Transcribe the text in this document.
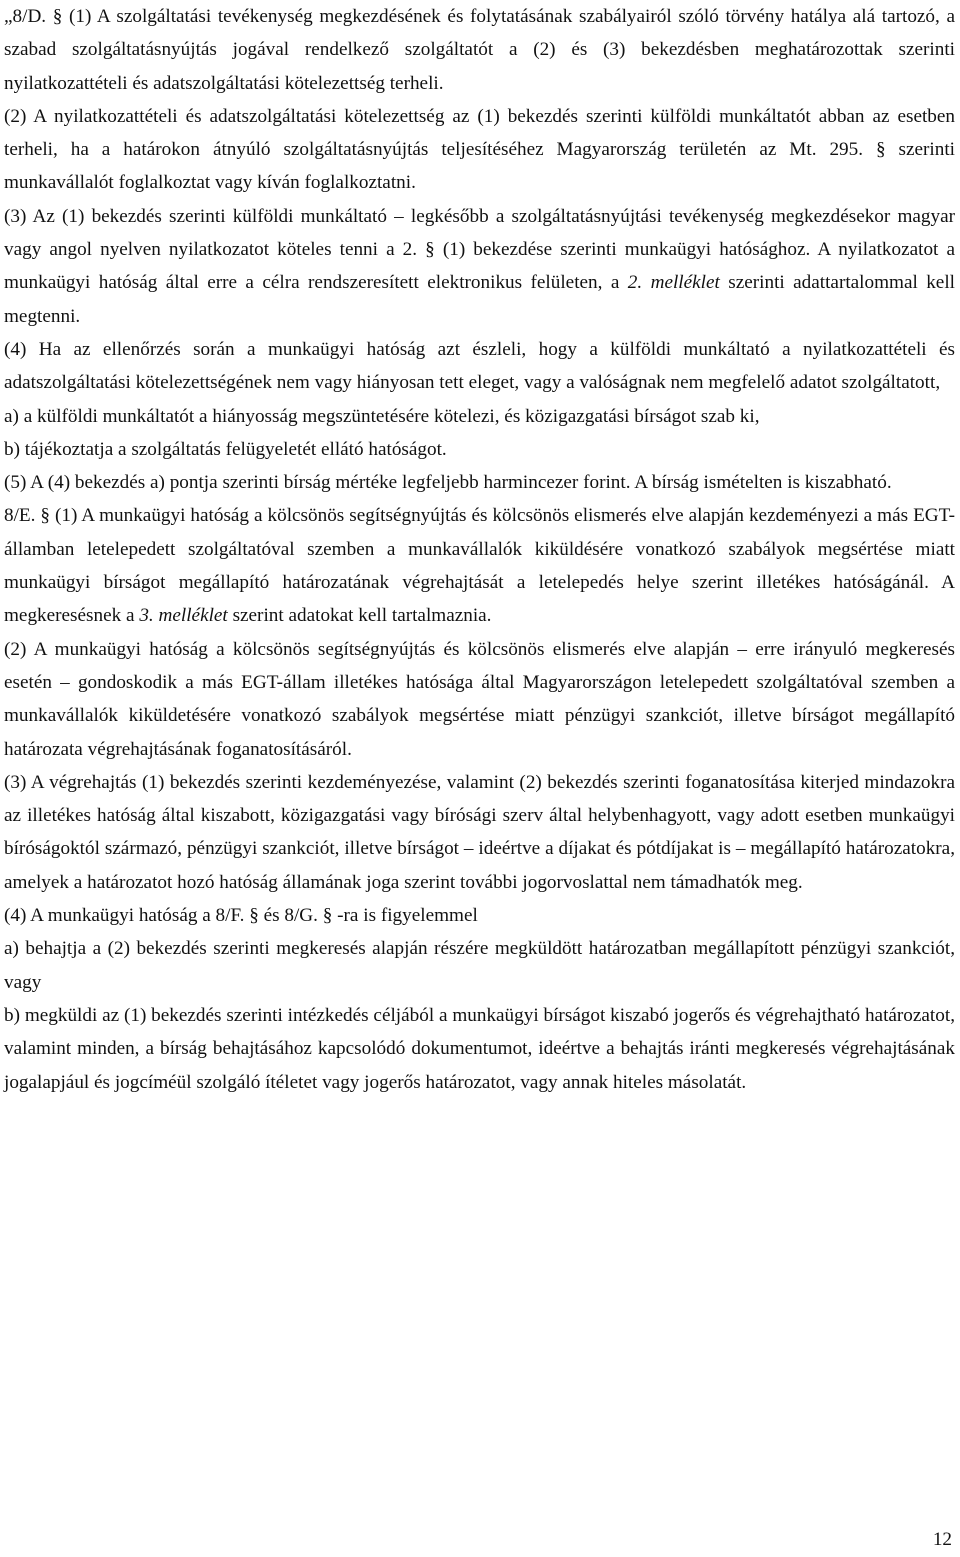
„8/D. § (1) A szolgáltatási tevékenység megkezdésének és folytatásának szabályairól szóló törvény hatálya alá tartozó, a szabad szolgáltatásnyújtás jogával rendelkező szolgáltatót a (2) és (3) bekezdésben meghatározottak szerinti nyilatkozattételi és adatszolgáltatási kötelezettség terheli.

(2) A nyilatkozattételi és adatszolgáltatási kötelezettség az (1) bekezdés szerinti külföldi munkáltatót abban az esetben terheli, ha a határokon átnyúló szolgáltatásnyújtás teljesítéséhez Magyarország területén az Mt. 295. § szerinti munkavállalót foglalkoztat vagy kíván foglalkoztatni.

(3) Az (1) bekezdés szerinti külföldi munkáltató – legkésőbb a szolgáltatásnyújtási tevékenység megkezdésekor magyar vagy angol nyelven nyilatkozatot köteles tenni a 2. § (1) bekezdése szerinti munkaügyi hatósághoz. A nyilatkozatot a munkaügyi hatóság által erre a célra rendszeresített elektronikus felületen, a 2. melléklet szerinti adattartalommal kell megtenni.

(4) Ha az ellenőrzés során a munkaügyi hatóság azt észleli, hogy a külföldi munkáltató a nyilatkozattételi és adatszolgáltatási kötelezettségének nem vagy hiányosan tett eleget, vagy a valóságnak nem megfelelő adatot szolgáltatott,

a) a külföldi munkáltatót a hiányosság megszüntetésére kötelezi, és közigazgatási bírságot szab ki,

b) tájékoztatja a szolgáltatás felügyeletét ellátó hatóságot.

(5) A (4) bekezdés a) pontja szerinti bírság mértéke legfeljebb harmincezer forint. A bírság ismételten is kiszabható.

8/E. § (1) A munkaügyi hatóság a kölcsönös segítségnyújtás és kölcsönös elismerés elve alapján kezdeményezi a más EGT-államban letelepedett szolgáltatóval szemben a munkavállalók kiküldésére vonatkozó szabályok megsértése miatt munkaügyi bírságot megállapító határozatának végrehajtását a letelepedés helye szerint illetékes hatóságánál. A megkeresésnek a 3. melléklet szerint adatokat kell tartalmaznia.

(2) A munkaügyi hatóság a kölcsönös segítségnyújtás és kölcsönös elismerés elve alapján – erre irányuló megkeresés esetén – gondoskodik a más EGT-állam illetékes hatósága által Magyarországon letelepedett szolgáltatóval szemben a munkavállalók kiküldetésére vonatkozó szabályok megsértése miatt pénzügyi szankciót, illetve bírságot megállapító határozata végrehajtásának foganatosításáról.

(3) A végrehajtás (1) bekezdés szerinti kezdeményezése, valamint (2) bekezdés szerinti foganatosítása kiterjed mindazokra az illetékes hatóság által kiszabott, közigazgatási vagy bírósági szerv által helybenhagyott, vagy adott esetben munkaügyi bíróságoktól származó, pénzügyi szankciót, illetve bírságot – ideértve a díjakat és pótdíjakat is – megállapító határozatokra, amelyek a határozatot hozó hatóság államának joga szerint további jogorvoslattal nem támadhatók meg.

(4) A munkaügyi hatóság a 8/F. § és 8/G. § -ra is figyelemmel

a) behajtja a (2) bekezdés szerinti megkeresés alapján részére megküldött határozatban megállapított pénzügyi szankciót, vagy

b) megküldi az (1) bekezdés szerinti intézkedés céljából a munkaügyi bírságot kiszabó jogerős és végrehajtható határozatot, valamint minden, a bírság behajtásához kapcsolódó dokumentumot, ideértve a behajtás iránti megkeresés végrehajtásának jogalapjául és jogcíméül szolgáló ítéletet vagy jogerős határozatot, vagy annak hiteles másolatát.

12
